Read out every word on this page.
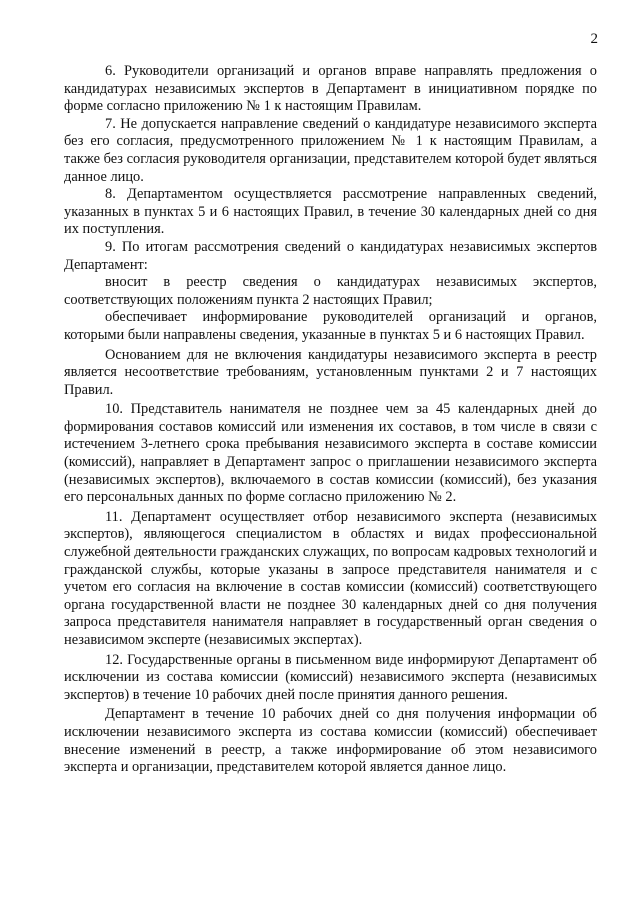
2

6. Руководители организаций и органов вправе направлять предложения о кандидатурах независимых экспертов в Департамент в инициативном порядке по форме согласно приложению № 1 к настоящим Правилам.

7. Не допускается направление сведений о кандидатуре независимого эксперта без его согласия, предусмотренного приложением № 1 к настоящим Правилам, а также без согласия руководителя организации, представителем которой будет являться данное лицо.

8. Департаментом осуществляется рассмотрение направленных сведений, указанных в пунктах 5 и 6 настоящих Правил, в течение 30 календарных дней со дня их поступления.

9. По итогам рассмотрения сведений о кандидатурах независимых экспертов Департамент:

вносит в реестр сведения о кандидатурах независимых экспертов, соответствующих положениям пункта 2 настоящих Правил;

обеспечивает информирование руководителей организаций и органов, которыми были направлены сведения, указанные в пунктах 5 и 6 настоящих Правил.

Основанием для не включения кандидатуры независимого эксперта в реестр является несоответствие требованиям, установленным пунктами 2 и 7 настоящих Правил.

10. Представитель нанимателя не позднее чем за 45 календарных дней до формирования составов комиссий или изменения их составов, в том числе в связи с истечением 3-летнего срока пребывания независимого эксперта в составе комиссии (комиссий), направляет в Департамент запрос о приглашении независимого эксперта (независимых экспертов), включаемого в состав комиссии (комиссий), без указания его персональных данных по форме согласно приложению № 2.

11. Департамент осуществляет отбор независимого эксперта (независимых экспертов), являющегося специалистом в областях и видах профессиональной служебной деятельности гражданских служащих, по вопросам кадровых технологий и гражданской службы, которые указаны в запросе представителя нанимателя и с учетом его согласия на включение в состав комиссии (комиссий) соответствующего органа государственной власти не позднее 30 календарных дней со дня получения запроса представителя нанимателя направляет в государственный орган сведения о независимом эксперте (независимых экспертах).

12. Государственные органы в письменном виде информируют Департамент об исключении из состава комиссии (комиссий) независимого эксперта (независимых экспертов) в течение 10 рабочих дней после принятия данного решения.

Департамент в течение 10 рабочих дней со дня получения информации об исключении независимого эксперта из состава комиссии (комиссий) обеспечивает внесение изменений в реестр, а также информирование об этом независимого эксперта и организации, представителем которой является данное лицо.
